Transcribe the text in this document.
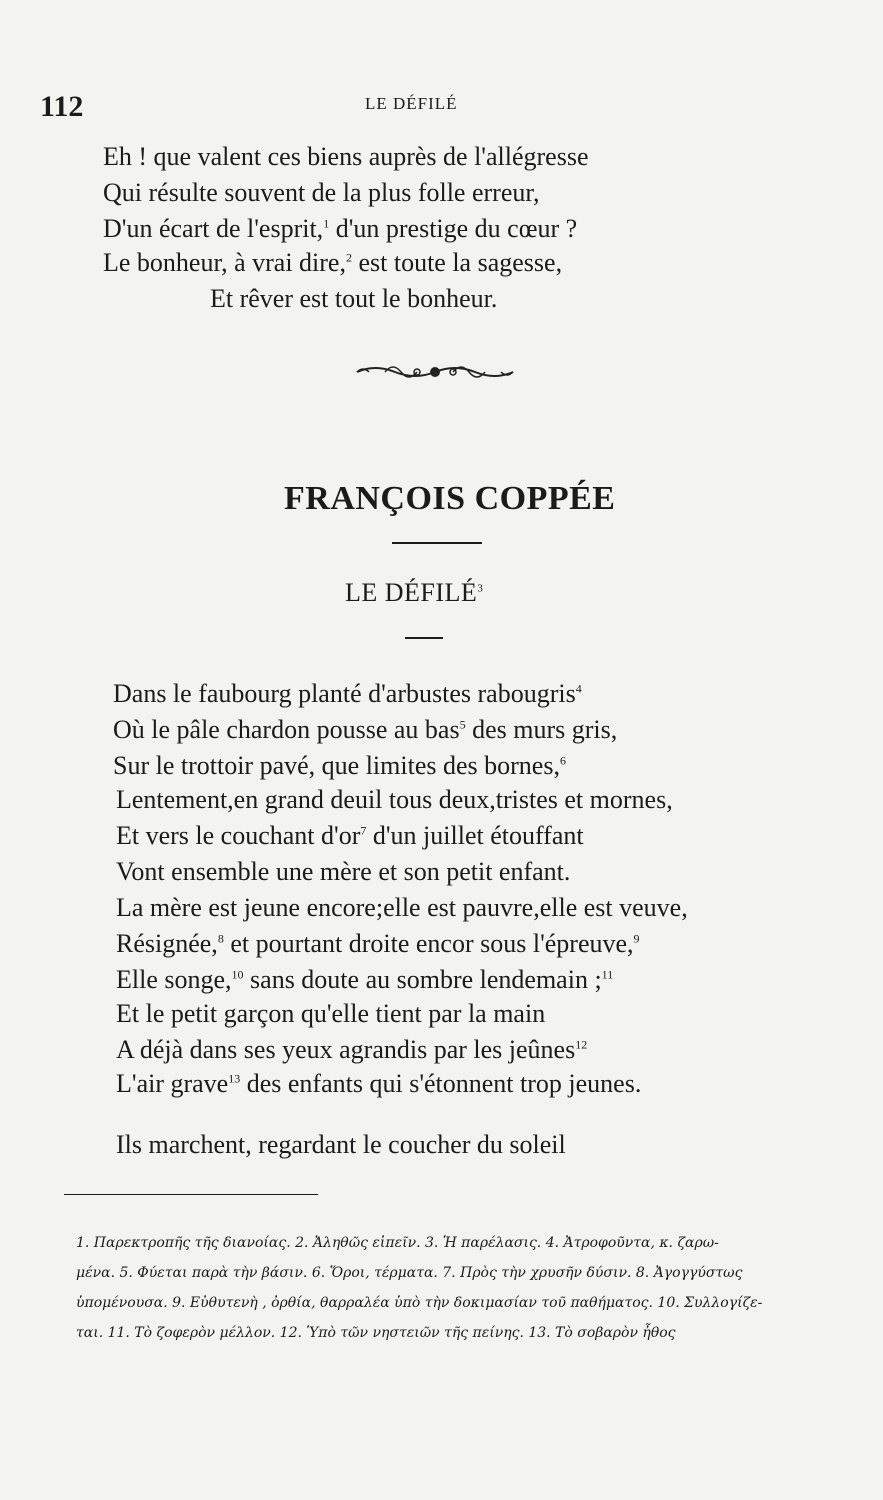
112	LE DÉFILÉ
Eh ! que valent ces biens auprès de l'allégresse
Qui résulte souvent de la plus folle erreur,
D'un écart de l'esprit,$^1$ d'un prestige du cœur ?
Le bonheur, à vrai dire,$^2$ est toute la sagesse,
Et rêver est tout le bonheur.
FRANÇOIS COPPÉE
LE DÉFILÉ$^3$
Dans le faubourg planté d'arbustes rabougris$^4$
Où le pâle chardon pousse au bas$^5$ des murs gris,
Sur le trottoir pavé, que limites des bornes,$^6$
Lentement,en grand deuil tous deux,tristes et mornes,
Et vers le couchant $d'or^7$ d'un juillet étouffant
Vont ensemble une mère et son petit enfant.
La mère est jeune encore;elle est pauvre,elle est veuve,
Résignée,$^8$ et pourtant droite encor sous l'épreuve,$^9$
Elle songe,$^{10}$ sans doute au sombre lendemain ;$^{11}$
Et le petit garçon qu'elle tient par la main
A déjà dans ses yeux agrandis par les jeûnes$^{12}$
L'air grave$^{13}$ des enfants qui s'étonnent trop jeunes.
Ils marchent, regardant le coucher du soleil

1. Παρεκτροπῆς τῆς διανοίας. 2. Ἀληθῶς εἰπεῖν. 3. Ἡ παρέλασις. 4. Ἀτροφοῦντα, κ. ζαρω-

μένα. 5. Φύεται παρὰ τὴν βάσιν. 6. Ὅροι, τέρματα. 7. Πρὸς τὴν χρυσῆν δύσιν. 8. Ἀγογγύστως

ὑπομένουσα. 9. Εὐθυτενὴ , ὀρθία, θαρραλέα ὑπὸ τὴν δοκιμασίαν τοῦ παθήματος. 10. Συλλογίζε-

ται. 11. Τὸ ζοφερὸν μέλλον. 12. Ὑπὸ τῶν νηστειῶν τῆς πείνης. 13. Τὸ σοβαρὸν ἦθος
